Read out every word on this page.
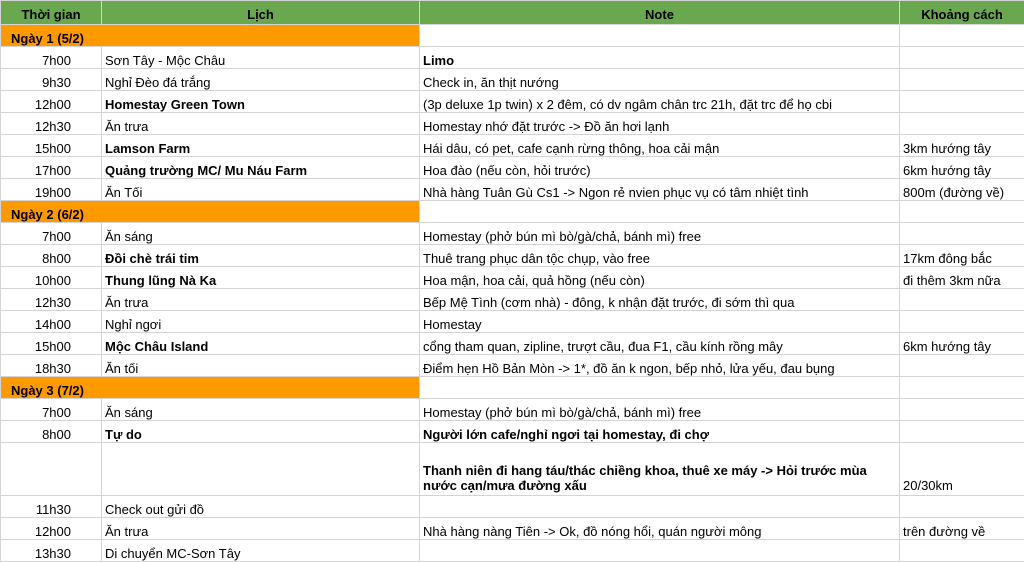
Thời gian	Lịch	Note	Khoảng cách
Ngày 1 (5/2)			
7h00	Sơn Tây - Mộc Châu	Limo	
9h30	Nghỉ Đèo đá trắng	Check in, ăn thịt nướng	
12h00	Homestay Green Town	(3p deluxe 1p twin) x 2 đêm, có dv ngâm chân trc 21h, đặt trc để họ cbi	
12h30	Ăn trưa	Homestay nhớ đặt trước -> Đồ ăn hơi lạnh	
15h00	Lamson Farm	Hái dâu, có pet, cafe cạnh rừng thông, hoa cải mận	3km hướng tây
17h00	Quảng trường MC/ Mu Náu Farm	Hoa đào (nếu còn, hỏi trước)	6km hướng tây
19h00	Ăn Tối	Nhà hàng Tuân Gù Cs1 -> Ngon rẻ nvien phục vụ có tâm nhiệt tình	800m (đường về)
Ngày 2 (6/2)			
7h00	Ăn sáng	Homestay (phở bún mì bò/gà/chả, bánh mì) free	
8h00	Đồi chè trái tim	Thuê trang phục dân tộc chụp, vào free	17km đông bắc
10h00	Thung lũng Nà Ka	Hoa mận, hoa cải, quả hồng (nếu còn)	đi thêm 3km nữa
12h30	Ăn trưa	Bếp Mệ Tình (cơm nhà) - đông, k nhận đặt trước, đi sớm thì qua	
14h00	Nghỉ ngơi	Homestay	
15h00	Mộc Châu Island	cổng tham quan, zipline, trượt cầu, đua F1, cầu kính rồng mây	6km hướng tây
18h30	Ăn tối	Điểm hẹn Hồ Bản Mòn -> 1*, đồ ăn k ngon, bếp nhỏ, lửa yếu, đau bụng	
Ngày 3 (7/2)			
7h00	Ăn sáng	Homestay (phở bún mì bò/gà/chả, bánh mì) free	
8h00	Tự do	Người lớn cafe/nghỉ ngơi tại homestay, đi chợ	
		Thanh niên đi hang táu/thác chiềng khoa, thuê xe máy -> Hỏi trước mùa nước cạn/mưa đường xấu	20/30km
11h30	Check out gửi đồ		
12h00	Ăn trưa	Nhà hàng nàng Tiên -> Ok, đồ nóng hổi, quán người mông	trên đường về
13h30	Di chuyển MC-Sơn Tây		
